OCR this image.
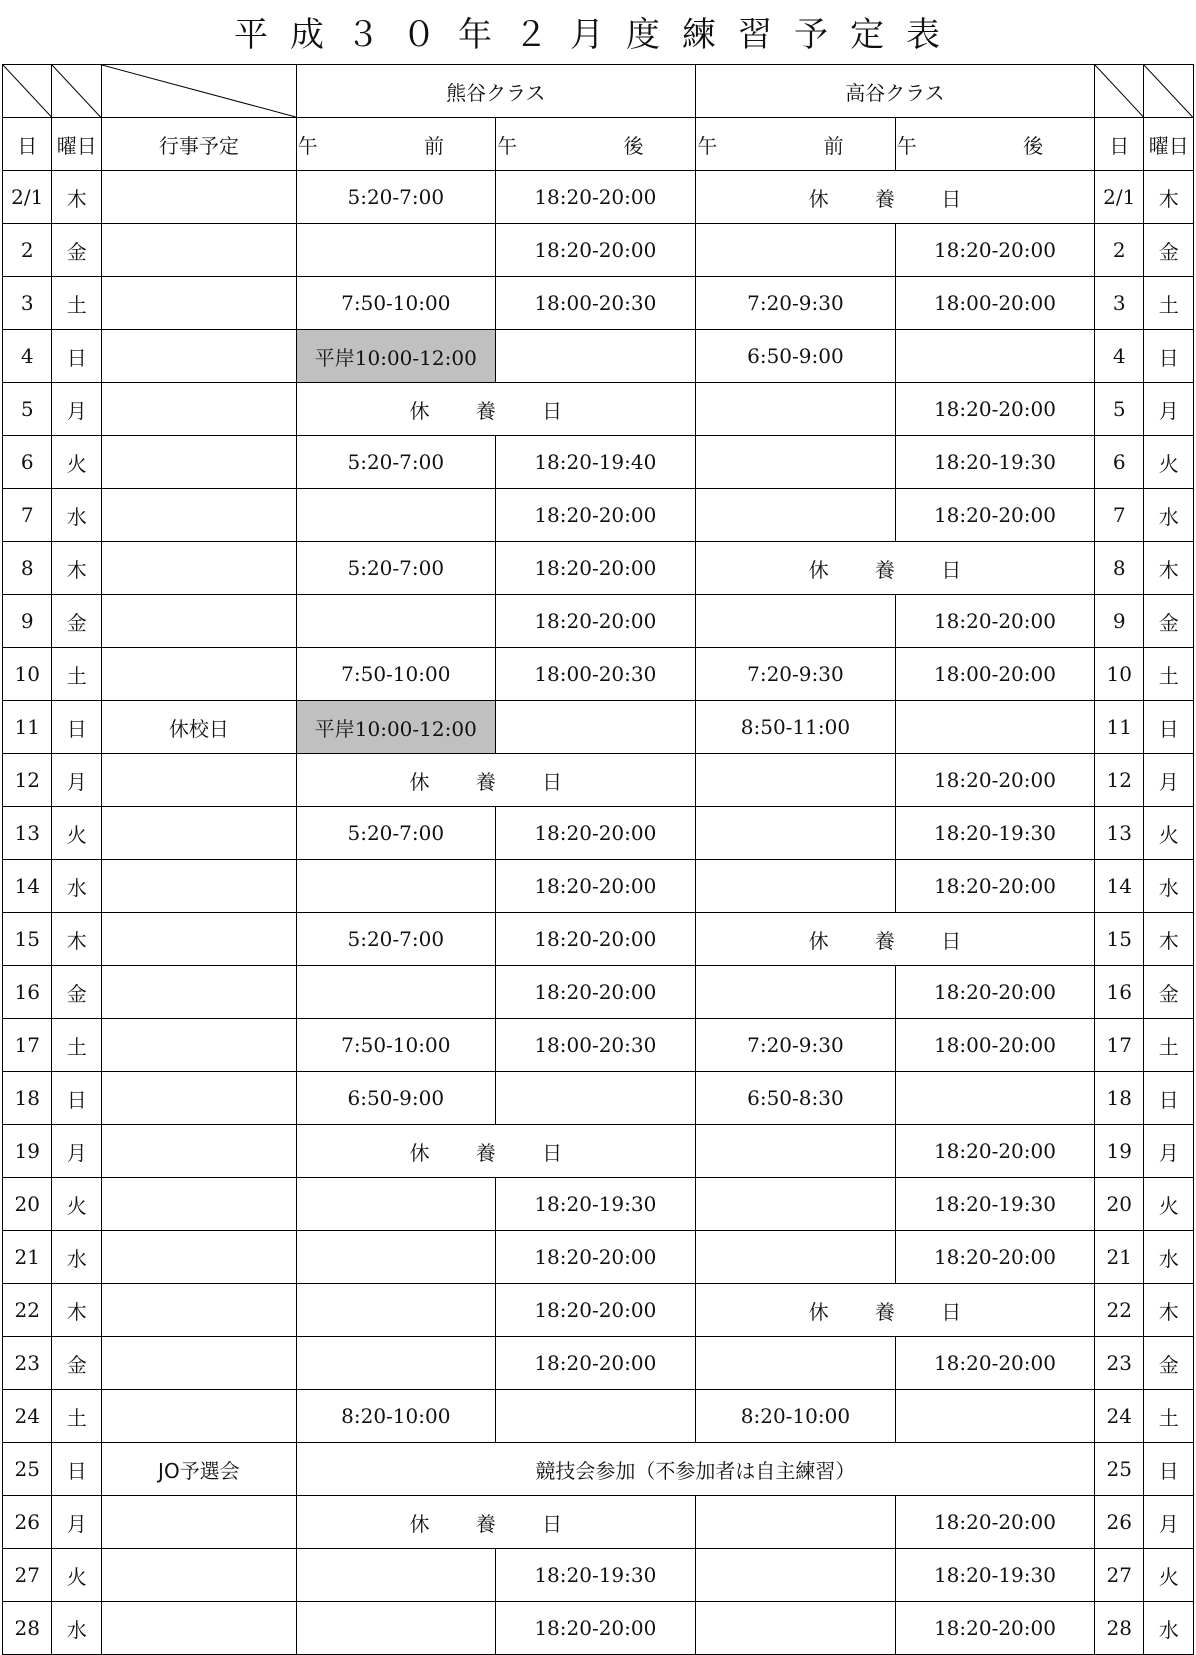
平成３０年２月度練習予定表

	熊谷クラス		高谷クラス	

日	曜日	行事予定	午 前	午 後	午 前	午 後	日	曜日
2/1	木		5:20-7:00	18:20-20:00	休 養 日		2/1	木
2	金			18:20-20:00		18:20-20:00	2	金
3	土		7:50-10:00	18:00-20:30	7:20-9:30	18:00-20:00	3	土
4	日		平岸10:00-12:00		6:50-9:00		4	日
5	月		休 養 日			18:20-20:00	5	月
6	火		5:20-7:00	18:20-19:40		18:20-19:30	6	火
7	水			18:20-20:00		18:20-20:00	7	水
8	木		5:20-7:00	18:20-20:00	休 養 日		8	木
9	金			18:20-20:00		18:20-20:00	9	金
10	土		7:50-10:00	18:00-20:30	7:20-9:30	18:00-20:00	10	土
11	日	休校日	平岸10:00-12:00		8:50-11:00		11	日
12	月		休 養 日			18:20-20:00	12	月
13	火		5:20-7:00	18:20-20:00		18:20-19:30	13	火
14	水			18:20-20:00		18:20-20:00	14	水
15	木		5:20-7:00	18:20-20:00	休 養 日		15	木
16	金			18:20-20:00		18:20-20:00	16	金
17	土		7:50-10:00	18:00-20:30	7:20-9:30	18:00-20:00	17	土
18	日		6:50-9:00		6:50-8:30		18	日
19	月		休 養 日			18:20-20:00	19	月
20	火			18:20-19:30		18:20-19:30	20	火
21	水			18:20-20:00		18:20-20:00	21	水
22	木			18:20-20:00	休 養 日		22	木
23	金			18:20-20:00		18:20-20:00	23	金
24	土		8:20-10:00		8:20-10:00		24	土
25	日	JO予選会	競技会参加（不参加者は自主練習）				25	日
26	月		休 養 日			18:20-20:00	26	月
27	火			18:20-19:30		18:20-19:30	27	火
28	水			18:20-20:00		18:20-20:00	28	水
